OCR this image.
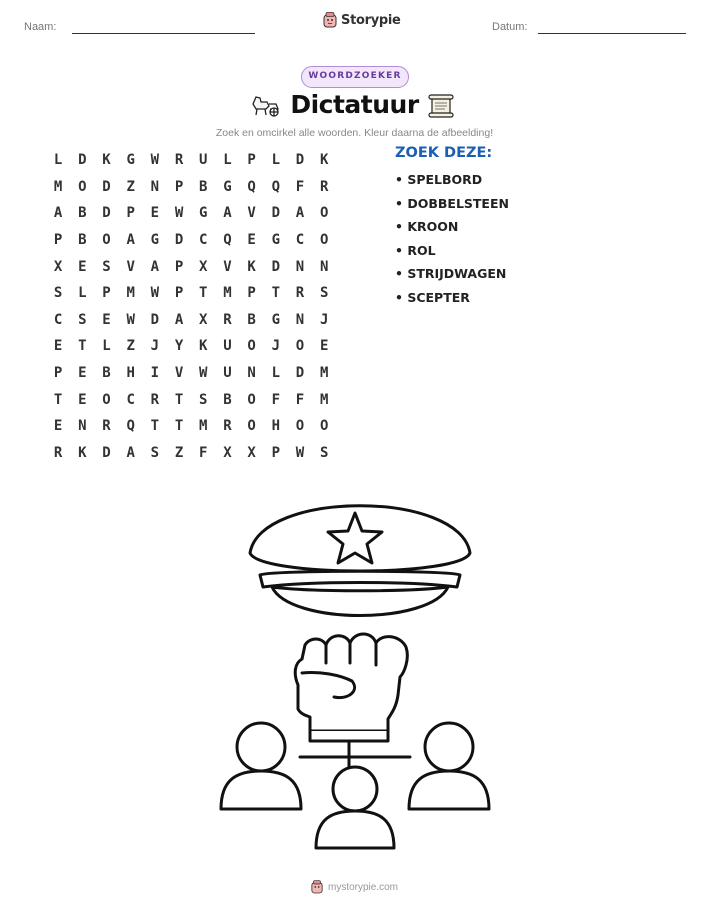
Naam:	Storypie	Datum:
WOORDZOEKER
Dictatuur
Zoek en omcirkel alle woorden. Kleur daarna de afbeelding!
L	D	K	G	W	R	U	L	P	L	D	K
M	O	D	Z	N	P	B	G	Q	Q	F	R
A	B	D	P	E	W	G	A	V	D	A	O
P	B	O	A	G	D	C	Q	E	G	C	O
X	E	S	V	A	P	X	V	K	D	N	N
S	L	P	M	W	P	T	M	P	T	R	S
C	S	E	W	D	A	X	R	B	G	N	J
E	T	L	Z	J	Y	K	U	O	J	O	E
P	E	B	H	I	V	W	U	N	L	D	M
T	E	O	C	R	T	S	B	O	F	F	M
E	N	R	Q	T	T	M	R	O	H	O	O
R	K	D	A	S	Z	F	X	X	P	W	S
ZOEK DEZE:
• SPELBORD
• DOBBELSTEEN
• KROON
• ROL
• STRIJDWAGEN
• SCEPTER
mystorypie.com
